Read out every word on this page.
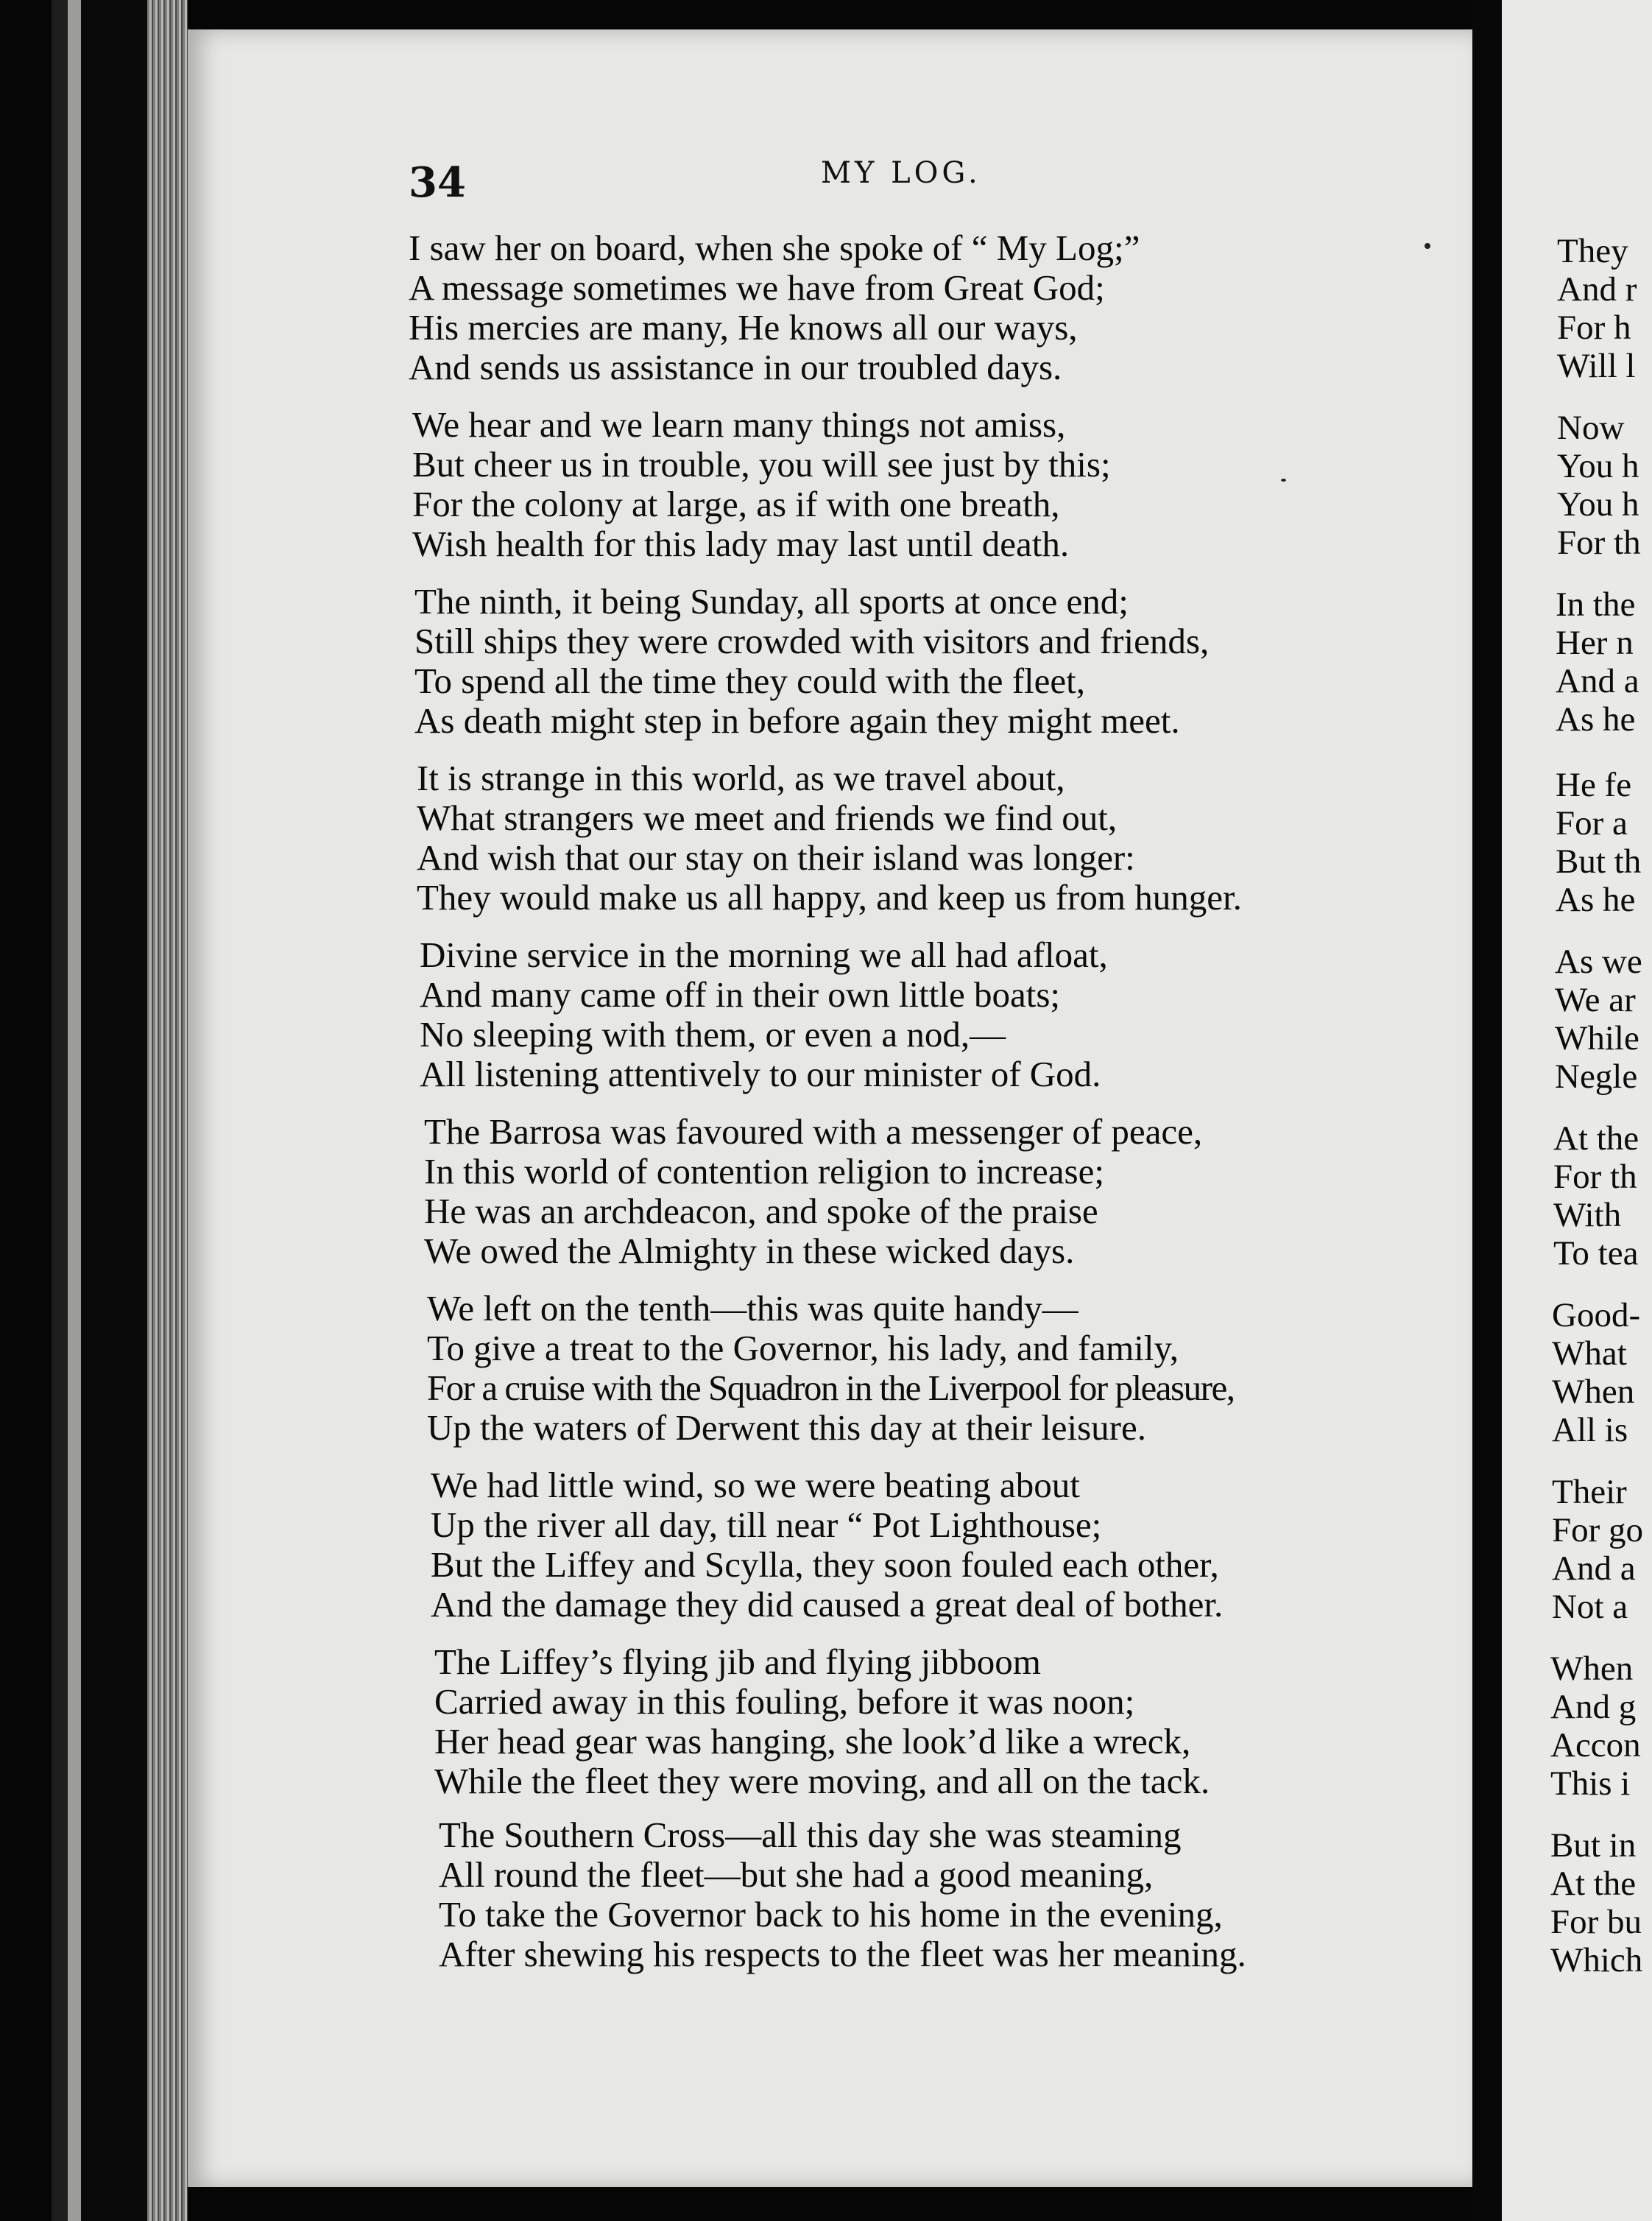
34	MY LOG.
I saw her on board, when she spoke of “ My Log;”
A message sometimes we have from Great God;
His mercies are many, He knows all our ways,
And sends us assistance in our troubled days.
We hear and we learn many things not amiss,
But cheer us in trouble, you will see just by this;
For the colony at large, as if with one breath,
Wish health for this lady may last until death.
The ninth, it being Sunday, all sports at once end;
Still ships they were crowded with visitors and friends,
To spend all the time they could with the fleet,
As death might step in before again they might meet.
It is strange in this world, as we travel about,
What strangers we meet and friends we find out,
And wish that our stay on their island was longer:
They would make us all happy, and keep us from hunger.
Divine service in the morning we all had afloat,
And many came off in their own little boats;
No sleeping with them, or even a nod,—
All listening attentively to our minister of God.
The Barrosa was favoured with a messenger of peace,
In this world of contention religion to increase;
He was an archdeacon, and spoke of the praise
We owed the Almighty in these wicked days.
We left on the tenth—this was quite handy—
To give a treat to the Governor, his lady, and family,
For a cruise with the Squadron in the Liverpool for pleasure,
Up the waters of Derwent this day at their leisure.
We had little wind, so we were beating about
Up the river all day, till near “ Pot Lighthouse;
But the Liffey and Scylla, they soon fouled each other,
And the damage they did caused a great deal of bother.
The Liffey’s flying jib and flying jibboom
Carried away in this fouling, before it was noon;
Her head gear was hanging, she look’d like a wreck,
While the fleet they were moving, and all on the tack.
The Southern Cross—all this day she was steaming
All round the fleet—but she had a good meaning,
To take the Governor back to his home in the evening,
After shewing his respects to the fleet was her meaning.
They
And r
For h
Will l
Now
You h
You h
For th
In the
Her n
And a
As he
He fe
For a
But th
As he
As we
We ar
While
Negle
At the
For th
With
To tea
Good-
What
When
All is
Their
For go
And a
Not a
When
And g
Accon
This i
But in
At the
For bu
Which
